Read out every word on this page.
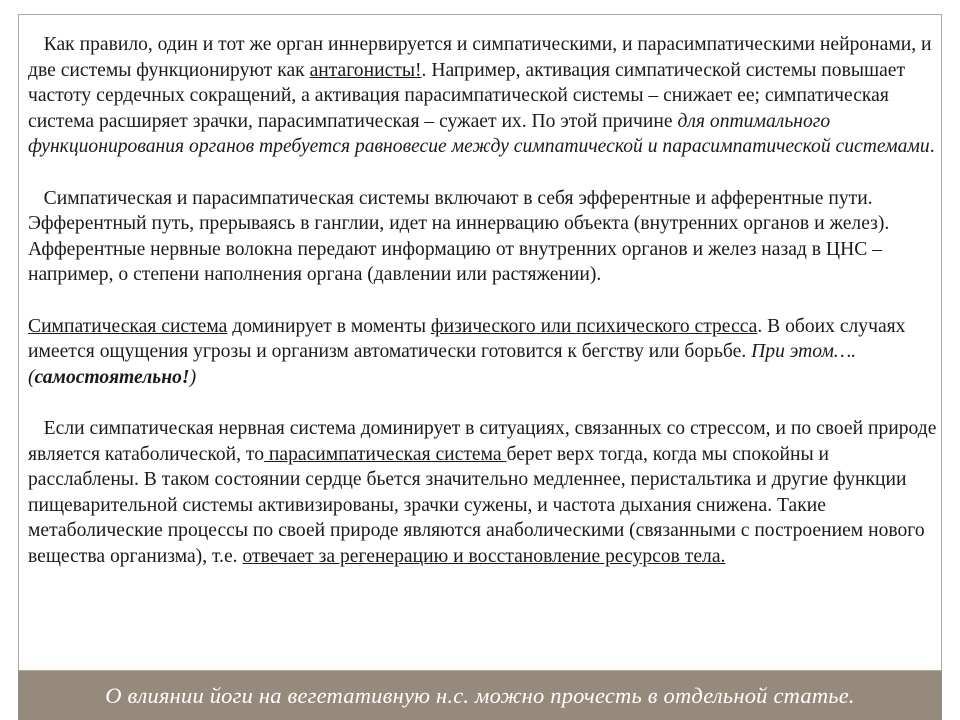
Как правило, один и тот же орган иннервируется и симпатическими, и парасимпатическими нейронами, и две системы функционируют как антагонисты!. Например, активация симпатической системы повышает частоту сердечных сокращений, а активация парасимпатической системы – снижает ее; симпатическая система расширяет зрачки, парасимпатическая – сужает их. По этой причине для оптимального функционирования органов требуется равновесие между симпатической и парасимпатической системами.

Симпатическая и парасимпатическая системы включают в себя эфферентные и афферентные пути. Эфферентный путь, прерываясь в ганглии, идет на иннервацию объекта (внутренних органов и желез). Афферентные нервные волокна передают информацию от внутренних органов и желез назад в ЦНС – например, о степени наполнения органа (давлении или растяжении).

Симпатическая система доминирует в моменты физического или психического стресса. В обоих случаях имеется ощущения угрозы и организм автоматически готовится к бегству или борьбе. При этом…. (самостоятельно!)

Если симпатическая нервная система доминирует в ситуациях, связанных со стрессом, и по своей природе является катаболической, то парасимпатическая система берет верх тогда, когда мы спокойны и расслаблены. В таком состоянии сердце бьется значительно медленнее, перистальтика и другие функции пищеварительной системы активизированы, зрачки сужены, и частота дыхания снижена. Такие метаболические процессы по своей природе являются анаболическими (связанными с построением нового вещества организма), т.е. отвечает за регенерацию и восстановление ресурсов тела.

О влиянии йоги на вегетативную н.с. можно прочесть в отдельной статье.
